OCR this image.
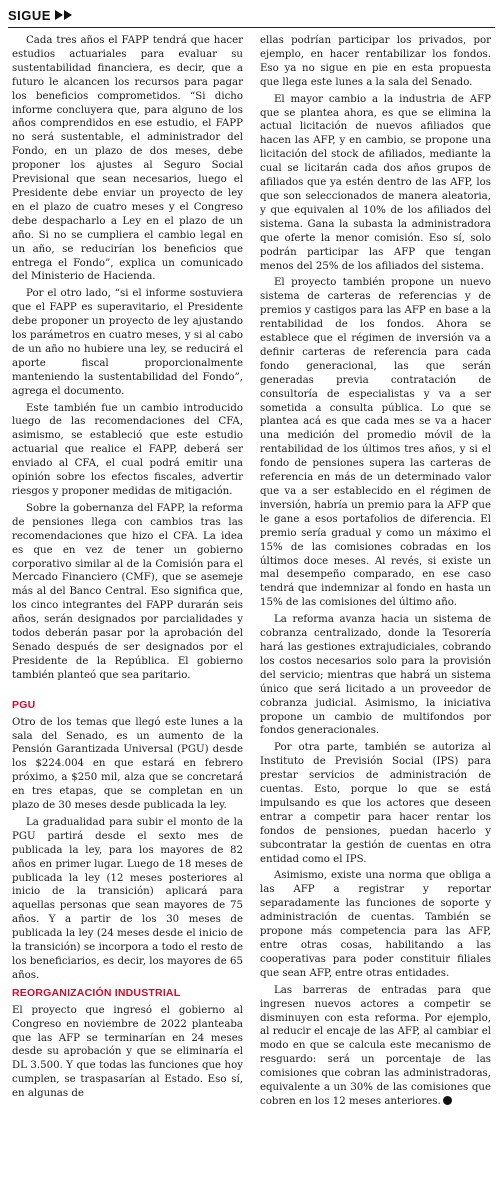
SIGUE

Cada tres años el FAPP tendrá que hacer estudios actuariales para evaluar su sustentabilidad financiera, es decir, que a futuro le alcancen los recursos para pagar los beneficios comprometidos. “Si dicho informe concluyera que, para alguno de los años comprendidos en ese estudio, el FAPP no será sustentable, el administrador del Fondo, en un plazo de dos meses, debe proponer los ajustes al Seguro Social Previsional que sean necesarios, luego el Presidente debe enviar un proyecto de ley en el plazo de cuatro meses y el Congreso debe despacharlo a Ley en el plazo de un año. Si no se cumpliera el cambio legal en un año, se reducirían los beneficios que entrega el Fondo”, explica un comunicado del Ministerio de Hacienda.

Por el otro lado, “si el informe sostuviera que el FAPP es superavitario, el Presidente debe proponer un proyecto de ley ajustando los parámetros en cuatro meses, y si al cabo de un año no hubiere una ley, se reducirá el aporte fiscal proporcionalmente manteniendo la sustentabilidad del Fondo”, agrega el documento.

Este también fue un cambio introducido luego de las recomendaciones del CFA, asimismo, se estableció que este estudio actuarial que realice el FAPP, deberá ser enviado al CFA, el cual podrá emitir una opinión sobre los efectos fiscales, advertir riesgos y proponer medidas de mitigación.

Sobre la gobernanza del FAPP, la reforma de pensiones llega con cambios tras las recomendaciones que hizo el CFA. La idea es que en vez de tener un gobierno corporativo similar al de la Comisión para el Mercado Financiero (CMF), que se asemeje más al del Banco Central. Eso significa que, los cinco integrantes del FAPP durarán seis años, serán designados por parcialidades y todos deberán pasar por la aprobación del Senado después de ser designados por el Presidente de la República. El gobierno también planteó que sea paritario.

PGU

Otro de los temas que llegó este lunes a la sala del Senado, es un aumento de la Pensión Garantizada Universal (PGU) desde los $224.004 en que estará en febrero próximo, a $250 mil, alza que se concretará en tres etapas, que se completan en un plazo de 30 meses desde publicada la ley.

La gradualidad para subir el monto de la PGU partirá desde el sexto mes de publicada la ley, para los mayores de 82 años en primer lugar. Luego de 18 meses de publicada la ley (12 meses posteriores al inicio de la transición) aplicará para aquellas personas que sean mayores de 75 años. Y a partir de los 30 meses de publicada la ley (24 meses desde el inicio de la transición) se incorpora a todo el resto de los beneficiarios, es decir, los mayores de 65 años.

REORGANIZACIÓN INDUSTRIAL

El proyecto que ingresó el gobierno al Congreso en noviembre de 2022 planteaba que las AFP se terminarían en 24 meses desde su aprobación y que se eliminaría el DL 3.500. Y que todas las funciones que hoy cumplen, se traspasarían al Estado. Eso sí, en algunas de

ellas podrían participar los privados, por ejemplo, en hacer rentabilizar los fondos. Eso ya no sigue en pie en esta propuesta que llega este lunes a la sala del Senado.

El mayor cambio a la industria de AFP que se plantea ahora, es que se elimina la actual licitación de nuevos afiliados que hacen las AFP, y en cambio, se propone una licitación del stock de afiliados, mediante la cual se licitarán cada dos años grupos de afiliados que ya estén dentro de las AFP, los que son seleccionados de manera aleatoria, y que equivalen al 10% de los afiliados del sistema. Gana la subasta la administradora que oferte la menor comisión. Eso sí, solo podrán participar las AFP que tengan menos del 25% de los afiliados del sistema.

El proyecto también propone un nuevo sistema de carteras de referencias y de premios y castigos para las AFP en base a la rentabilidad de los fondos. Ahora se establece que el régimen de inversión va a definir carteras de referencia para cada fondo generacional, las que serán generadas previa contratación de consultoría de especialistas y va a ser sometida a consulta pública. Lo que se plantea acá es que cada mes se va a hacer una medición del promedio móvil de la rentabilidad de los últimos tres años, y si el fondo de pensiones supera las carteras de referencia en más de un determinado valor que va a ser establecido en el régimen de inversión, habría un premio para la AFP que le gane a esos portafolios de diferencia. El premio sería gradual y como un máximo el 15% de las comisiones cobradas en los últimos doce meses. Al revés, si existe un mal desempeño comparado, en ese caso tendrá que indemnizar al fondo en hasta un 15% de las comisiones del último año.

La reforma avanza hacia un sistema de cobranza centralizado, donde la Tesorería hará las gestiones extrajudiciales, cobrando los costos necesarios solo para la provisión del servicio; mientras que habrá un sistema único que será licitado a un proveedor de cobranza judicial. Asimismo, la iniciativa propone un cambio de multifondos por fondos generacionales.

Por otra parte, también se autoriza al Instituto de Previsión Social (IPS) para prestar servicios de administración de cuentas. Esto, porque lo que se está impulsando es que los actores que deseen entrar a competir para hacer rentar los fondos de pensiones, puedan hacerlo y subcontratar la gestión de cuentas en otra entidad como el IPS.

Asimismo, existe una norma que obliga a las AFP a registrar y reportar separadamente las funciones de soporte y administración de cuentas. También se propone más competencia para las AFP, entre otras cosas, habilitando a las cooperativas para poder constituir filiales que sean AFP, entre otras entidades.

Las barreras de entradas para que ingresen nuevos actores a competir se disminuyen con esta reforma. Por ejemplo, al reducir el encaje de las AFP, al cambiar el modo en que se calcula este mecanismo de resguardo: será un porcentaje de las comisiones que cobran las administradoras, equivalente a un 30% de las comisiones que cobren en los 12 meses anteriores.
